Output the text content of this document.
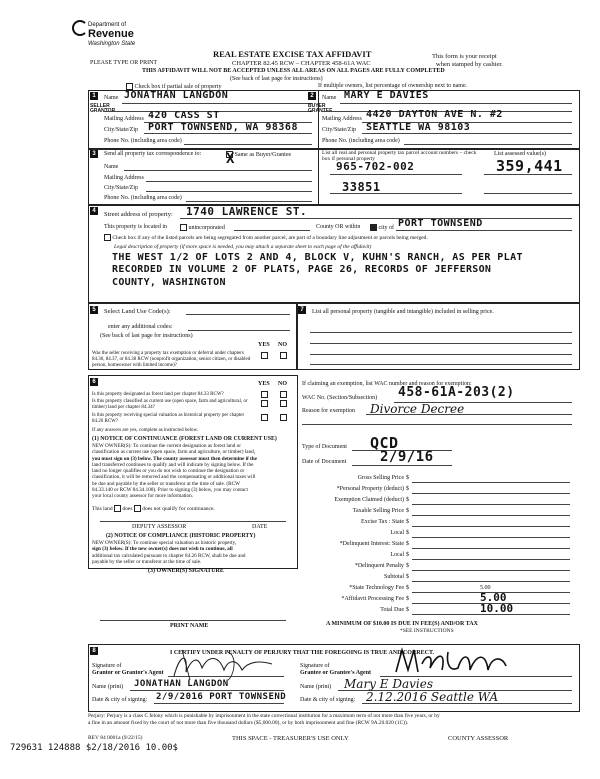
Department of
Revenue
Washington State
PLEASE TYPE OR PRINT
REAL ESTATE EXCISE TAX AFFIDAVIT
CHAPTER 82.45 RCW – CHAPTER 458-61A WAC
THIS AFFIDAVIT WILL NOT BE ACCEPTED UNLESS ALL AREAS ON ALL PAGES ARE FULLY COMPLETED
(See back of last page for instructions)
This form is your receipt
when stamped by cashier.
Check box if partial sale of property	If multiple owners, list percentage of ownership next to name.
1
SELLER GRANTOR
Name JONATHAN LANGDON
Mailing Address 420 CASS ST
City/State/Zip PORT TOWNSEND, WA 98368
Phone No. (including area code)
2
BUYER GRANTEE
Name MARY E DAVIES
Mailing Address 4420 DAYTON AVE N. #2
City/State/Zip SEATTLE WA 98103
Phone No. (including area code)
3	Send all property tax correspondence to:	Same as Buyer/Grantee
X
Name
Mailing Address
City/State/Zip
Phone No. (including area code)
List all real and personal property tax parcel account numbers – check box if personal property
List assessed value(s)
965-702-002	359,441
33851
4	Street address of property: 1740 LAWRENCE ST.
This property is located in	unincorporated	County OR within	city of PORT TOWNSEND
Check box if any of the listed parcels are being segregated from another parcel, are part of a boundary line adjustment or parcels being merged.
Legal description of property (if more space is needed, you may attach a separate sheet to each page of the affidavit)
THE WEST 1/2 OF LOTS 2 AND 4, BLOCK V, KUHN'S RANCH, AS PER PLAT
RECORDED IN VOLUME 2 OF PLATS, PAGE 26, RECORDS OF JEFFERSON
COUNTY, WASHINGTON
5	Select Land Use Code(s):
enter any additional codes:
(See back of last page for instructions)
YES NO
Was the seller receiving a property tax exemption or deferral under chapters 84.36, 84.37, or 84.38 RCW (nonprofit organization, senior citizen, or disabled person, homeowner with limited income)?
6	YES NO
Is this property designated as forest land per chapter 84.33 RCW?
Is this property classified as current use (open space, farm and agricultural, or timber) land per chapter 84.34?
Is this property receiving special valuation as historical property per chapter 84.26 RCW?
If any answers are yes, complete as instructed below.
(1) NOTICE OF CONTINUANCE (FOREST LAND OR CURRENT USE)
NEW OWNER(S): To continue the current designation as forest land or
classification as current use (open space, farm and agriculture, or timber) land,
you must sign on (3) below. The county assessor must then determine if the
land transferred continues to qualify and will indicate by signing below. If the
land no longer qualifies or you do not wish to continue the designation or
classification, it will be removed and the compensating or additional taxes will
be due and payable by the seller or transferor at the time of sale. (RCW
84.33.140 or RCW 84.34.108). Prior to signing (3) below, you may contact
your local county assessor for more information.
This land does does not qualify for continuance.
DEPUTY ASSESSOR	DATE
(2) NOTICE OF COMPLIANCE (HISTORIC PROPERTY)
NEW OWNER(S): To continue special valuation as historic property,
sign (3) below. If the new owner(s) does not wish to continue, all
additional tax calculated pursuant to chapter 84.26 RCW, shall be due and
payable by the seller or transferor at the time of sale.
(3) OWNER(S) SIGNATURE
PRINT NAME
7	List all personal property (tangible and intangible) included in selling price.
If claiming an exemption, list WAC number and reason for exemption:
WAC No. (Section/Subsection) 458-61A-203(2)
Reason for exemption Divorce Decree
Type of Document QCD
Date of Document 2/9/16
Gross Selling Price $
*Personal Property (deduct) $
Exemption Claimed (deduct) $
Taxable Selling Price $
Excise Tax : State $
Local $
*Delinquent Interest: State $
Local $
*Delinquent Penalty $
Subtotal $
*State Technology Fee $	5.00
*Affidavit Processing Fee $	5.00
Total Due $	10.00
A MINIMUM OF $10.00 IS DUE IN FEE(S) AND/OR TAX
*SEE INSTRUCTIONS
8	I CERTIFY UNDER PENALTY OF PERJURY THAT THE FOREGOING IS TRUE AND CORRECT.
Signature of
Grantor or Grantor's Agent
Name (print) JONATHAN LANGDON
Date & city of signing: 2/9/2016 PORT TOWNSEND
Signature of
Grantee or Grantee's Agent
Name (print) Mary E Davies
Date & city of signing: 2.12.2016 Seattle WA
Perjury: Perjury is a class C felony which is punishable by imprisonment in the state correctional institution for a maximum term of not more than five years, or by
a fine in an amount fixed by the court of not more than five thousand dollars ($5,000.00), or by both imprisonment and fine (RCW 9A.20.020 (1C)).
REV 84 0001a (9/22/15)	THIS SPACE - TREASURER'S USE ONLY	COUNTY ASSESSOR
729631 124888 $2/18/2016 10.00$
